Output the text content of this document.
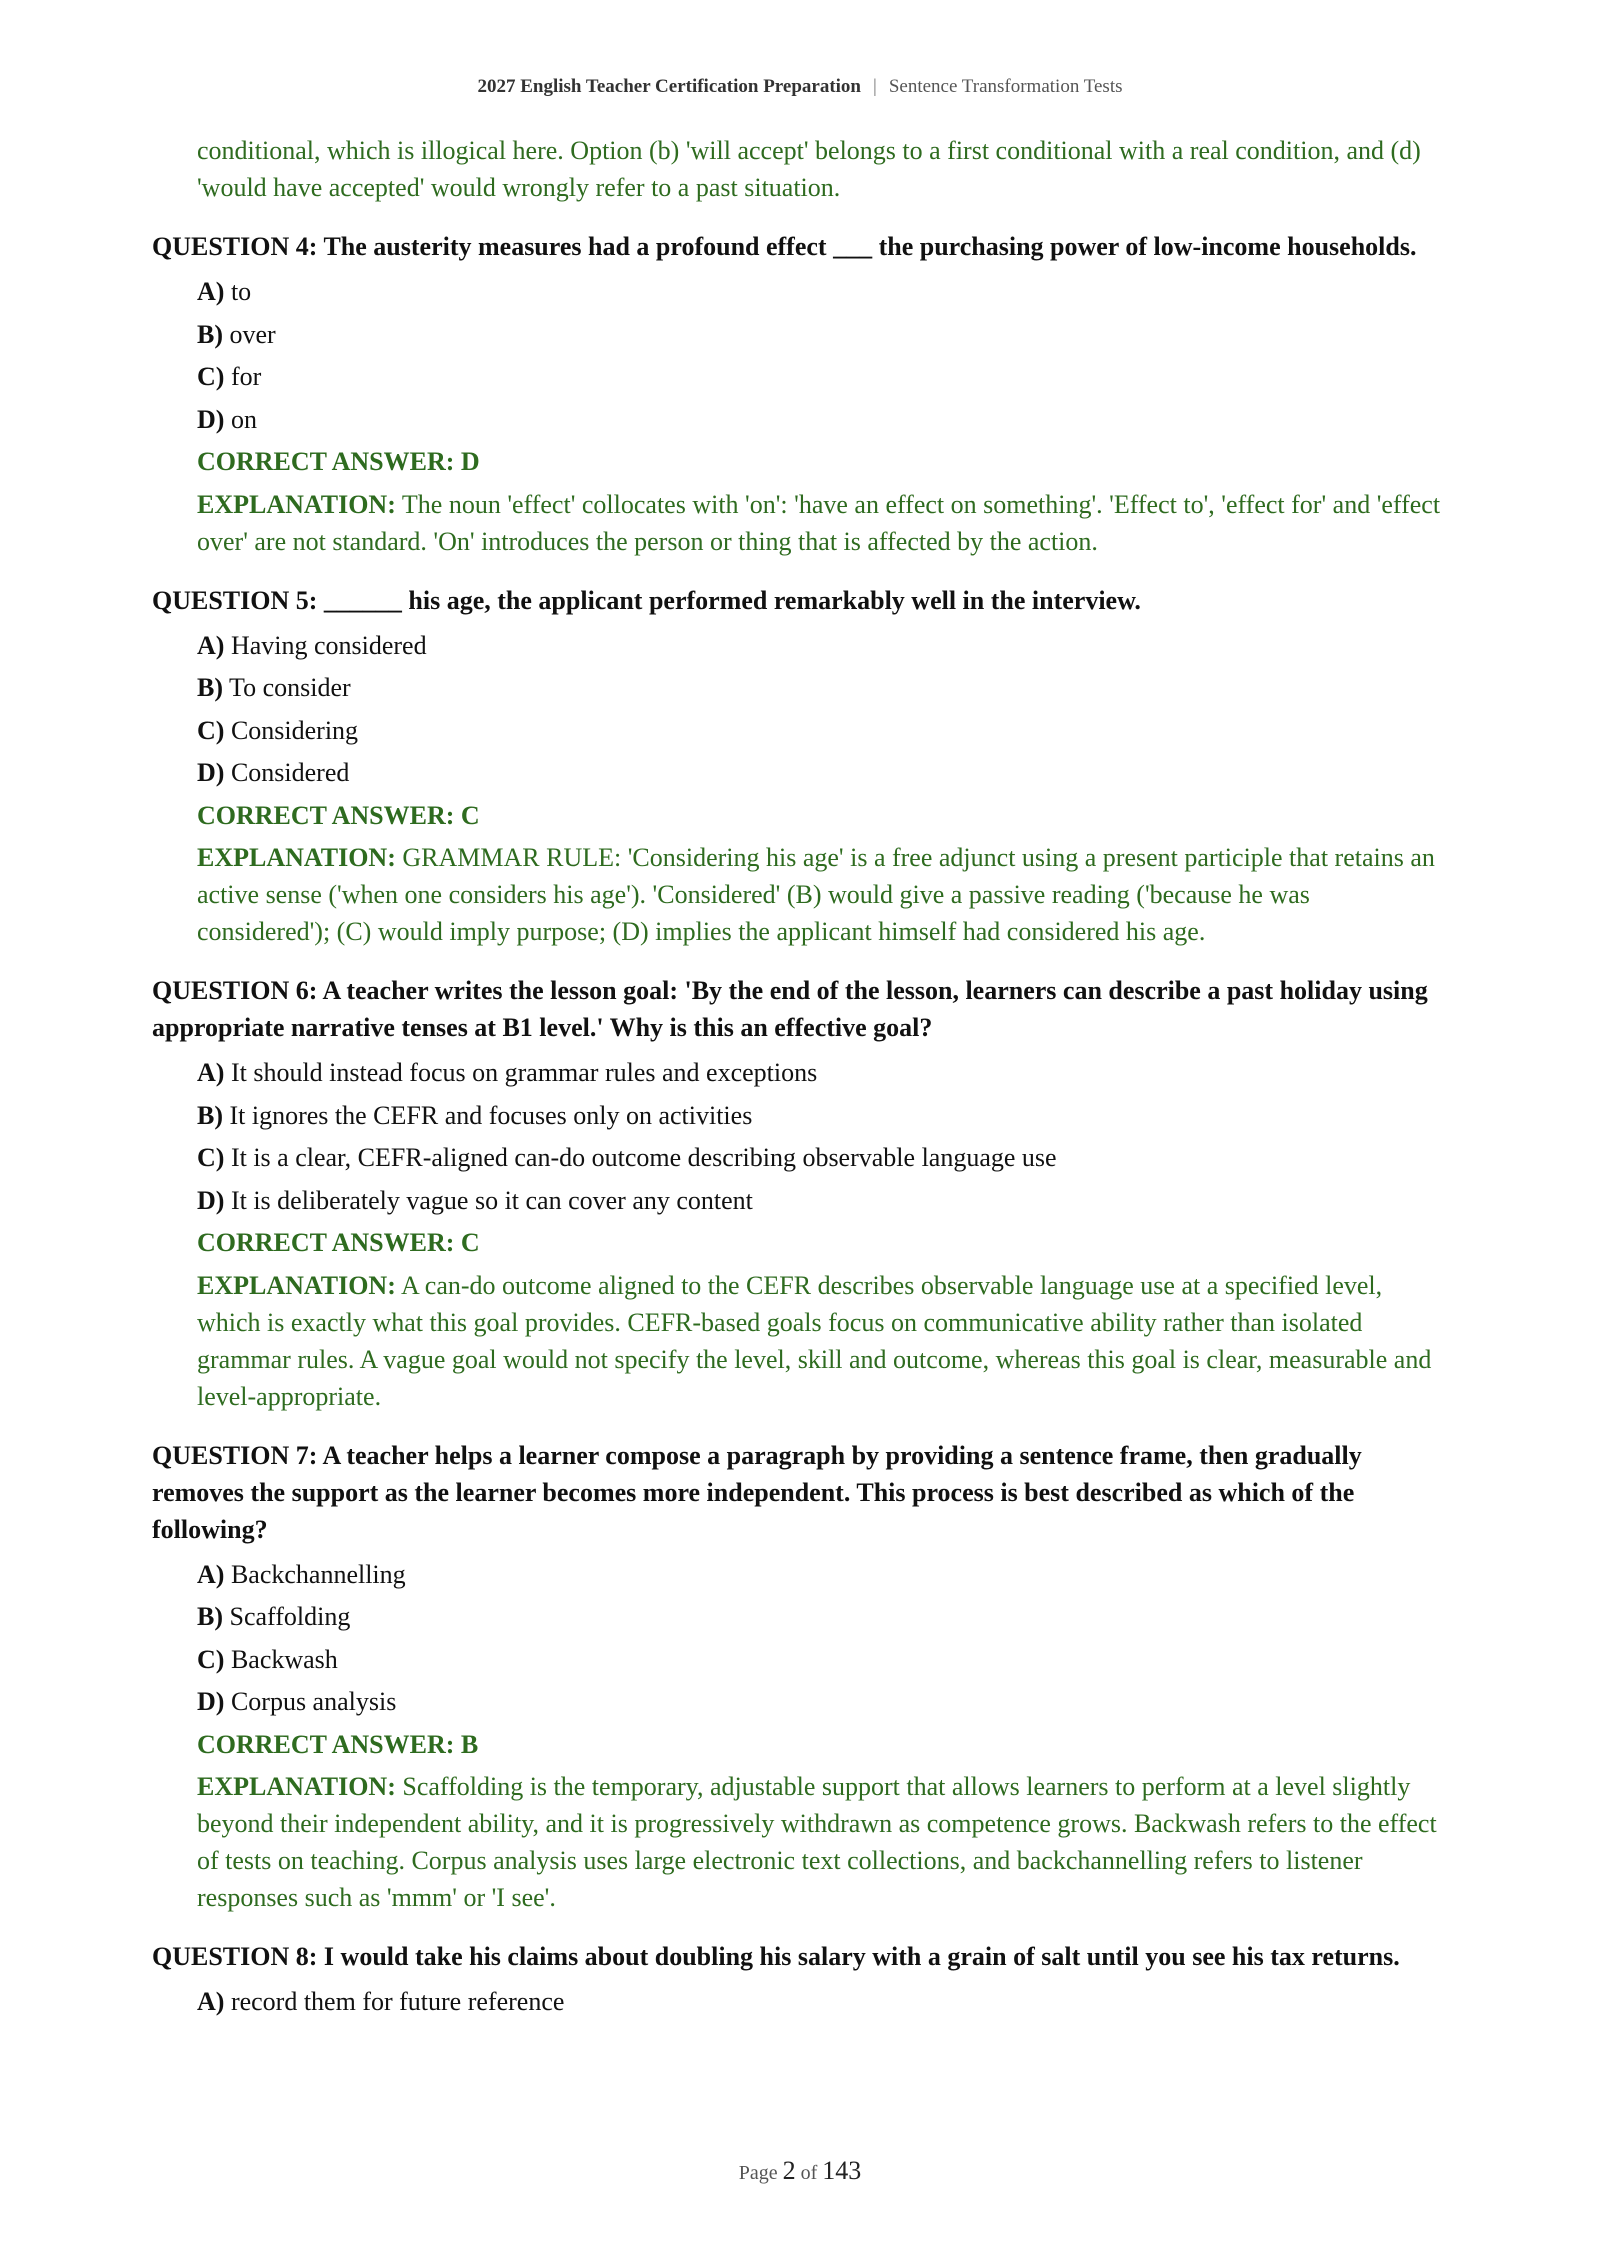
2027 English Teacher Certification Preparation | Sentence Transformation Tests
conditional, which is illogical here. Option (b) 'will accept' belongs to a first conditional with a real condition, and (d) 'would have accepted' would wrongly refer to a past situation.
QUESTION 4: The austerity measures had a profound effect ___ the purchasing power of low-income households.
A) to
B) over
C) for
D) on
CORRECT ANSWER: D
EXPLANATION: The noun 'effect' collocates with 'on': 'have an effect on something'. 'Effect to', 'effect for' and 'effect over' are not standard. 'On' introduces the person or thing that is affected by the action.
QUESTION 5: ______ his age, the applicant performed remarkably well in the interview.
A) Having considered
B) To consider
C) Considering
D) Considered
CORRECT ANSWER: C
EXPLANATION: GRAMMAR RULE: 'Considering his age' is a free adjunct using a present participle that retains an active sense ('when one considers his age'). 'Considered' (B) would give a passive reading ('because he was considered'); (C) would imply purpose; (D) implies the applicant himself had considered his age.
QUESTION 6: A teacher writes the lesson goal: 'By the end of the lesson, learners can describe a past holiday using appropriate narrative tenses at B1 level.' Why is this an effective goal?
A) It should instead focus on grammar rules and exceptions
B) It ignores the CEFR and focuses only on activities
C) It is a clear, CEFR-aligned can-do outcome describing observable language use
D) It is deliberately vague so it can cover any content
CORRECT ANSWER: C
EXPLANATION: A can-do outcome aligned to the CEFR describes observable language use at a specified level, which is exactly what this goal provides. CEFR-based goals focus on communicative ability rather than isolated grammar rules. A vague goal would not specify the level, skill and outcome, whereas this goal is clear, measurable and level-appropriate.
QUESTION 7: A teacher helps a learner compose a paragraph by providing a sentence frame, then gradually removes the support as the learner becomes more independent. This process is best described as which of the following?
A) Backchannelling
B) Scaffolding
C) Backwash
D) Corpus analysis
CORRECT ANSWER: B
EXPLANATION: Scaffolding is the temporary, adjustable support that allows learners to perform at a level slightly beyond their independent ability, and it is progressively withdrawn as competence grows. Backwash refers to the effect of tests on teaching. Corpus analysis uses large electronic text collections, and backchannelling refers to listener responses such as 'mmm' or 'I see'.
QUESTION 8: I would take his claims about doubling his salary with a grain of salt until you see his tax returns.
A) record them for future reference
Page 2 of 143
